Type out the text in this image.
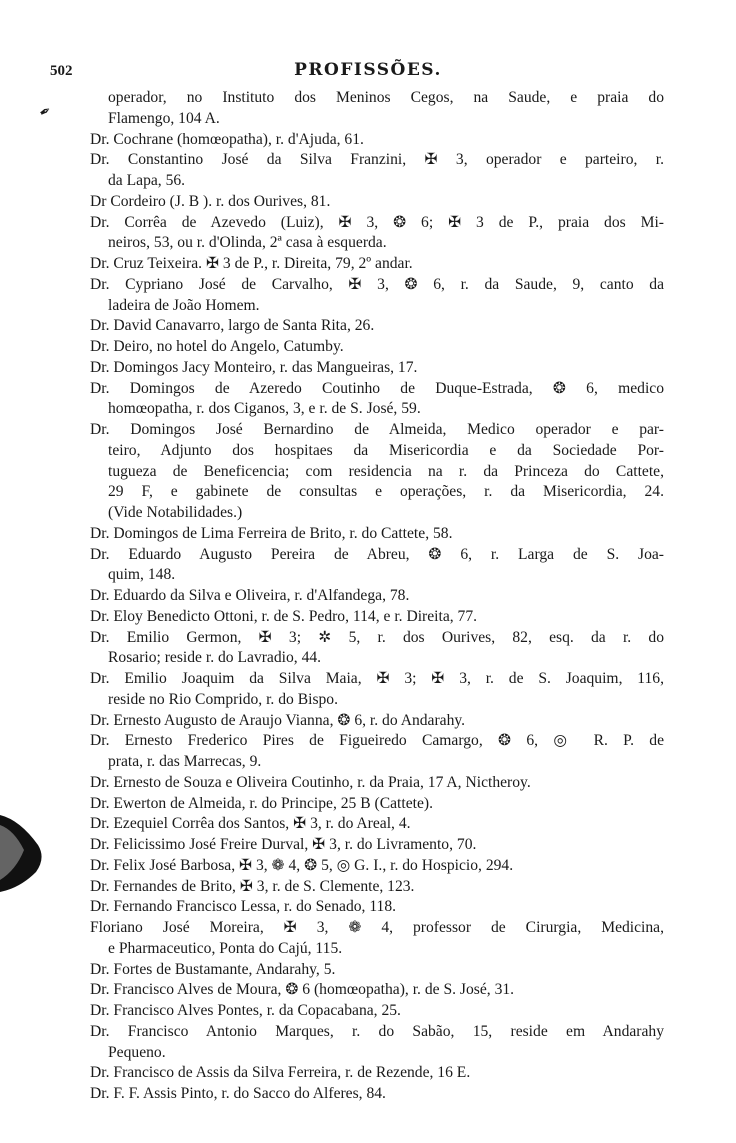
502	PROFISSÕES.
✒
operador, no Instituto dos Meninos Cegos, na Saude, e praia do
Flamengo, 104 A.
Dr. Cochrane (homœopatha), r. d'Ajuda, 61.
Dr. Constantino José da Silva Franzini, ✠ 3, operador e parteiro, r.
da Lapa, 56.
Dr Cordeiro (J. B ). r. dos Ourives, 81.
Dr. Corrêa de Azevedo (Luiz), ✠ 3, ❂ 6; ✠ 3 de P., praia dos Mi-
neiros, 53, ou r. d'Olinda, 2ª casa à esquerda.
Dr. Cruz Teixeira. ✠ 3 de P., r. Direita, 79, 2º andar.
Dr. Cypriano José de Carvalho, ✠ 3, ❂ 6, r. da Saude, 9, canto da
ladeira de João Homem.
Dr. David Canavarro, largo de Santa Rita, 26.
Dr. Deiro, no hotel do Angelo, Catumby.
Dr. Domingos Jacy Monteiro, r. das Mangueiras, 17.
Dr. Domingos de Azeredo Coutinho de Duque-Estrada, ❂ 6, medico
homœopatha, r. dos Ciganos, 3, e r. de S. José, 59.
Dr. Domingos José Bernardino de Almeida, Medico operador e par-
teiro, Adjunto dos hospitaes da Misericordia e da Sociedade Por-
tugueza de Beneficencia; com residencia na r. da Princeza do Cattete,
29 F, e gabinete de consultas e operações, r. da Misericordia, 24.
(Vide Notabilidades.)
Dr. Domingos de Lima Ferreira de Brito, r. do Cattete, 58.
Dr. Eduardo Augusto Pereira de Abreu, ❂ 6, r. Larga de S. Joa-
quim, 148.
Dr. Eduardo da Silva e Oliveira, r. d'Alfandega, 78.
Dr. Eloy Benedicto Ottoni, r. de S. Pedro, 114, e r. Direita, 77.
Dr. Emilio Germon, ✠ 3; ✲ 5, r. dos Ourives, 82, esq. da r. do
Rosario; reside r. do Lavradio, 44.
Dr. Emilio Joaquim da Silva Maia, ✠ 3; ✠ 3, r. de S. Joaquim, 116,
reside no Rio Comprido, r. do Bispo.
Dr. Ernesto Augusto de Araujo Vianna, ❂ 6, r. do Andarahy.
Dr. Ernesto Frederico Pires de Figueiredo Camargo, ❂ 6, ◎ R. P. de
prata, r. das Marrecas, 9.
Dr. Ernesto de Souza e Oliveira Coutinho, r. da Praia, 17 A, Nictheroy.
Dr. Ewerton de Almeida, r. do Principe, 25 B (Cattete).
Dr. Ezequiel Corrêa dos Santos, ✠ 3, r. do Areal, 4.
Dr. Felicissimo José Freire Durval, ✠ 3, r. do Livramento, 70.
Dr. Felix José Barbosa, ✠ 3, ❁ 4, ❂ 5, ◎ G. I., r. do Hospicio, 294.
Dr. Fernandes de Brito, ✠ 3, r. de S. Clemente, 123.
Dr. Fernando Francisco Lessa, r. do Senado, 118.
Floriano José Moreira, ✠ 3, ❁ 4, professor de Cirurgia, Medicina,
e Pharmaceutico, Ponta do Cajú, 115.
Dr. Fortes de Bustamante, Andarahy, 5.
Dr. Francisco Alves de Moura, ❂ 6 (homœopatha), r. de S. José, 31.
Dr. Francisco Alves Pontes, r. da Copacabana, 25.
Dr. Francisco Antonio Marques, r. do Sabão, 15, reside em Andarahy
Pequeno.
Dr. Francisco de Assis da Silva Ferreira, r. de Rezende, 16 E.
Dr. F. F. Assis Pinto, r. do Sacco do Alferes, 84.
